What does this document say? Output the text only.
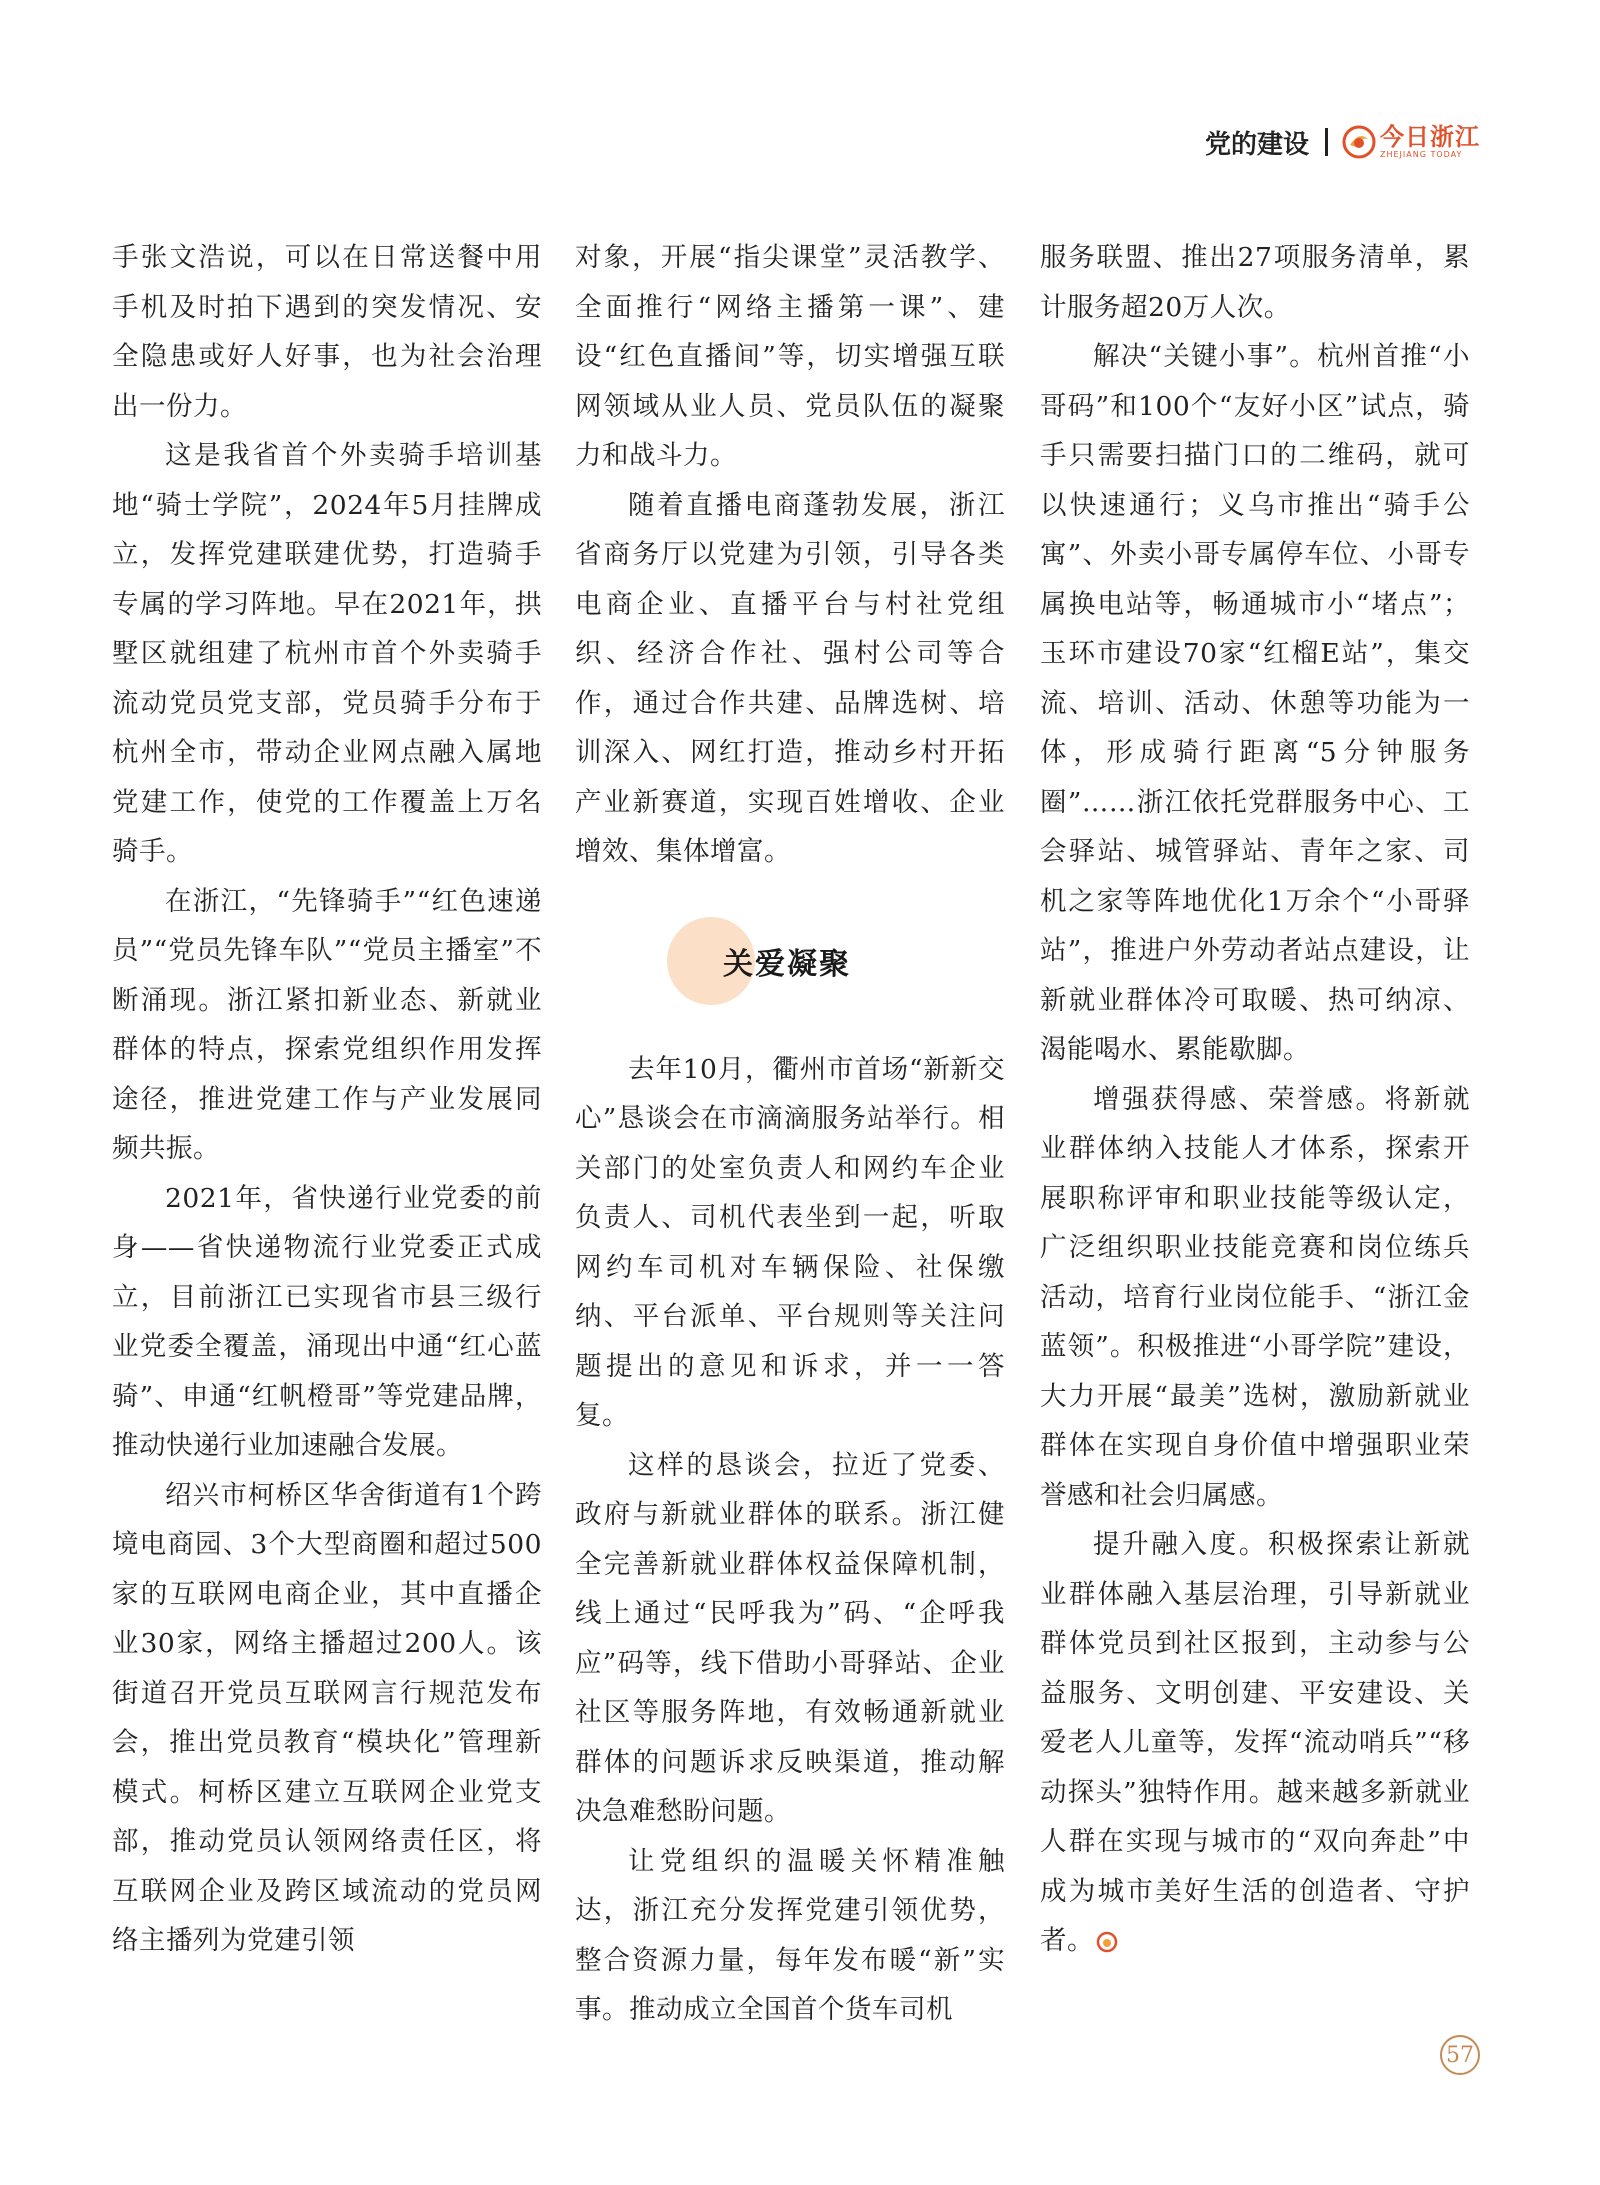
党的建设	今日浙江
ZHEJIANG TODAY

手张文浩说，可以在日常送餐中用手机及时拍下遇到的突发情况、安全隐患或好人好事，也为社会治理出一份力。

这是我省首个外卖骑手培训基地“骑士学院”，2024年5月挂牌成立，发挥党建联建优势，打造骑手专属的学习阵地。早在2021年，拱墅区就组建了杭州市首个外卖骑手流动党员党支部，党员骑手分布于杭州全市，带动企业网点融入属地党建工作，使党的工作覆盖上万名骑手。

在浙江，“先锋骑手”“红色速递员”“党员先锋车队”“党员主播室”不断涌现。浙江紧扣新业态、新就业群体的特点，探索党组织作用发挥途径，推进党建工作与产业发展同频共振。

2021年，省快递行业党委的前身——省快递物流行业党委正式成立，目前浙江已实现省市县三级行业党委全覆盖，涌现出中通“红心蓝骑”、申通“红帆橙哥”等党建品牌，推动快递行业加速融合发展。

绍兴市柯桥区华舍街道有1个跨境电商园、3个大型商圈和超过500家的互联网电商企业，其中直播企业30家，网络主播超过200人。该街道召开党员互联网言行规范发布会，推出党员教育“模块化”管理新模式。柯桥区建立互联网企业党支部，推动党员认领网络责任区，将互联网企业及跨区域流动的党员网络主播列为党建引领

对象，开展“指尖课堂”灵活教学、全面推行“网络主播第一课”、建设“红色直播间”等，切实增强互联网领域从业人员、党员队伍的凝聚力和战斗力。

随着直播电商蓬勃发展，浙江省商务厅以党建为引领，引导各类电商企业、直播平台与村社党组织、经济合作社、强村公司等合作，通过合作共建、品牌选树、培训深入、网红打造，推动乡村开拓产业新赛道，实现百姓增收、企业增效、集体增富。

关爱凝聚

去年10月，衢州市首场“新新交心”恳谈会在市滴滴服务站举行。相关部门的处室负责人和网约车企业负责人、司机代表坐到一起，听取网约车司机对车辆保险、社保缴纳、平台派单、平台规则等关注问题提出的意见和诉求，并一一答复。

这样的恳谈会，拉近了党委、政府与新就业群体的联系。浙江健全完善新就业群体权益保障机制，线上通过“民呼我为”码、“企呼我应”码等，线下借助小哥驿站、企业社区等服务阵地，有效畅通新就业群体的问题诉求反映渠道，推动解决急难愁盼问题。

让党组织的温暖关怀精准触达，浙江充分发挥党建引领优势，整合资源力量，每年发布暖“新”实事。推动成立全国首个货车司机

服务联盟、推出27项服务清单，累计服务超20万人次。

解决“关键小事”。杭州首推“小哥码”和100个“友好小区”试点，骑手只需要扫描门口的二维码，就可以快速通行；义乌市推出“骑手公寓”、外卖小哥专属停车位、小哥专属换电站等，畅通城市小“堵点”；玉环市建设70家“红榴E站”，集交流、培训、活动、休憩等功能为一体，形成骑行距离“5分钟服务圈”……浙江依托党群服务中心、工会驿站、城管驿站、青年之家、司机之家等阵地优化1万余个“小哥驿站”，推进户外劳动者站点建设，让新就业群体冷可取暖、热可纳凉、渴能喝水、累能歇脚。

增强获得感、荣誉感。将新就业群体纳入技能人才体系，探索开展职称评审和职业技能等级认定，广泛组织职业技能竞赛和岗位练兵活动，培育行业岗位能手、“浙江金蓝领”。积极推进“小哥学院”建设，大力开展“最美”选树，激励新就业群体在实现自身价值中增强职业荣誉感和社会归属感。

提升融入度。积极探索让新就业群体融入基层治理，引导新就业群体党员到社区报到，主动参与公益服务、文明创建、平安建设、关爱老人儿童等，发挥“流动哨兵”“移动探头”独特作用。越来越多新就业人群在实现与城市的“双向奔赴”中成为城市美好生活的创造者、守护者。

57
